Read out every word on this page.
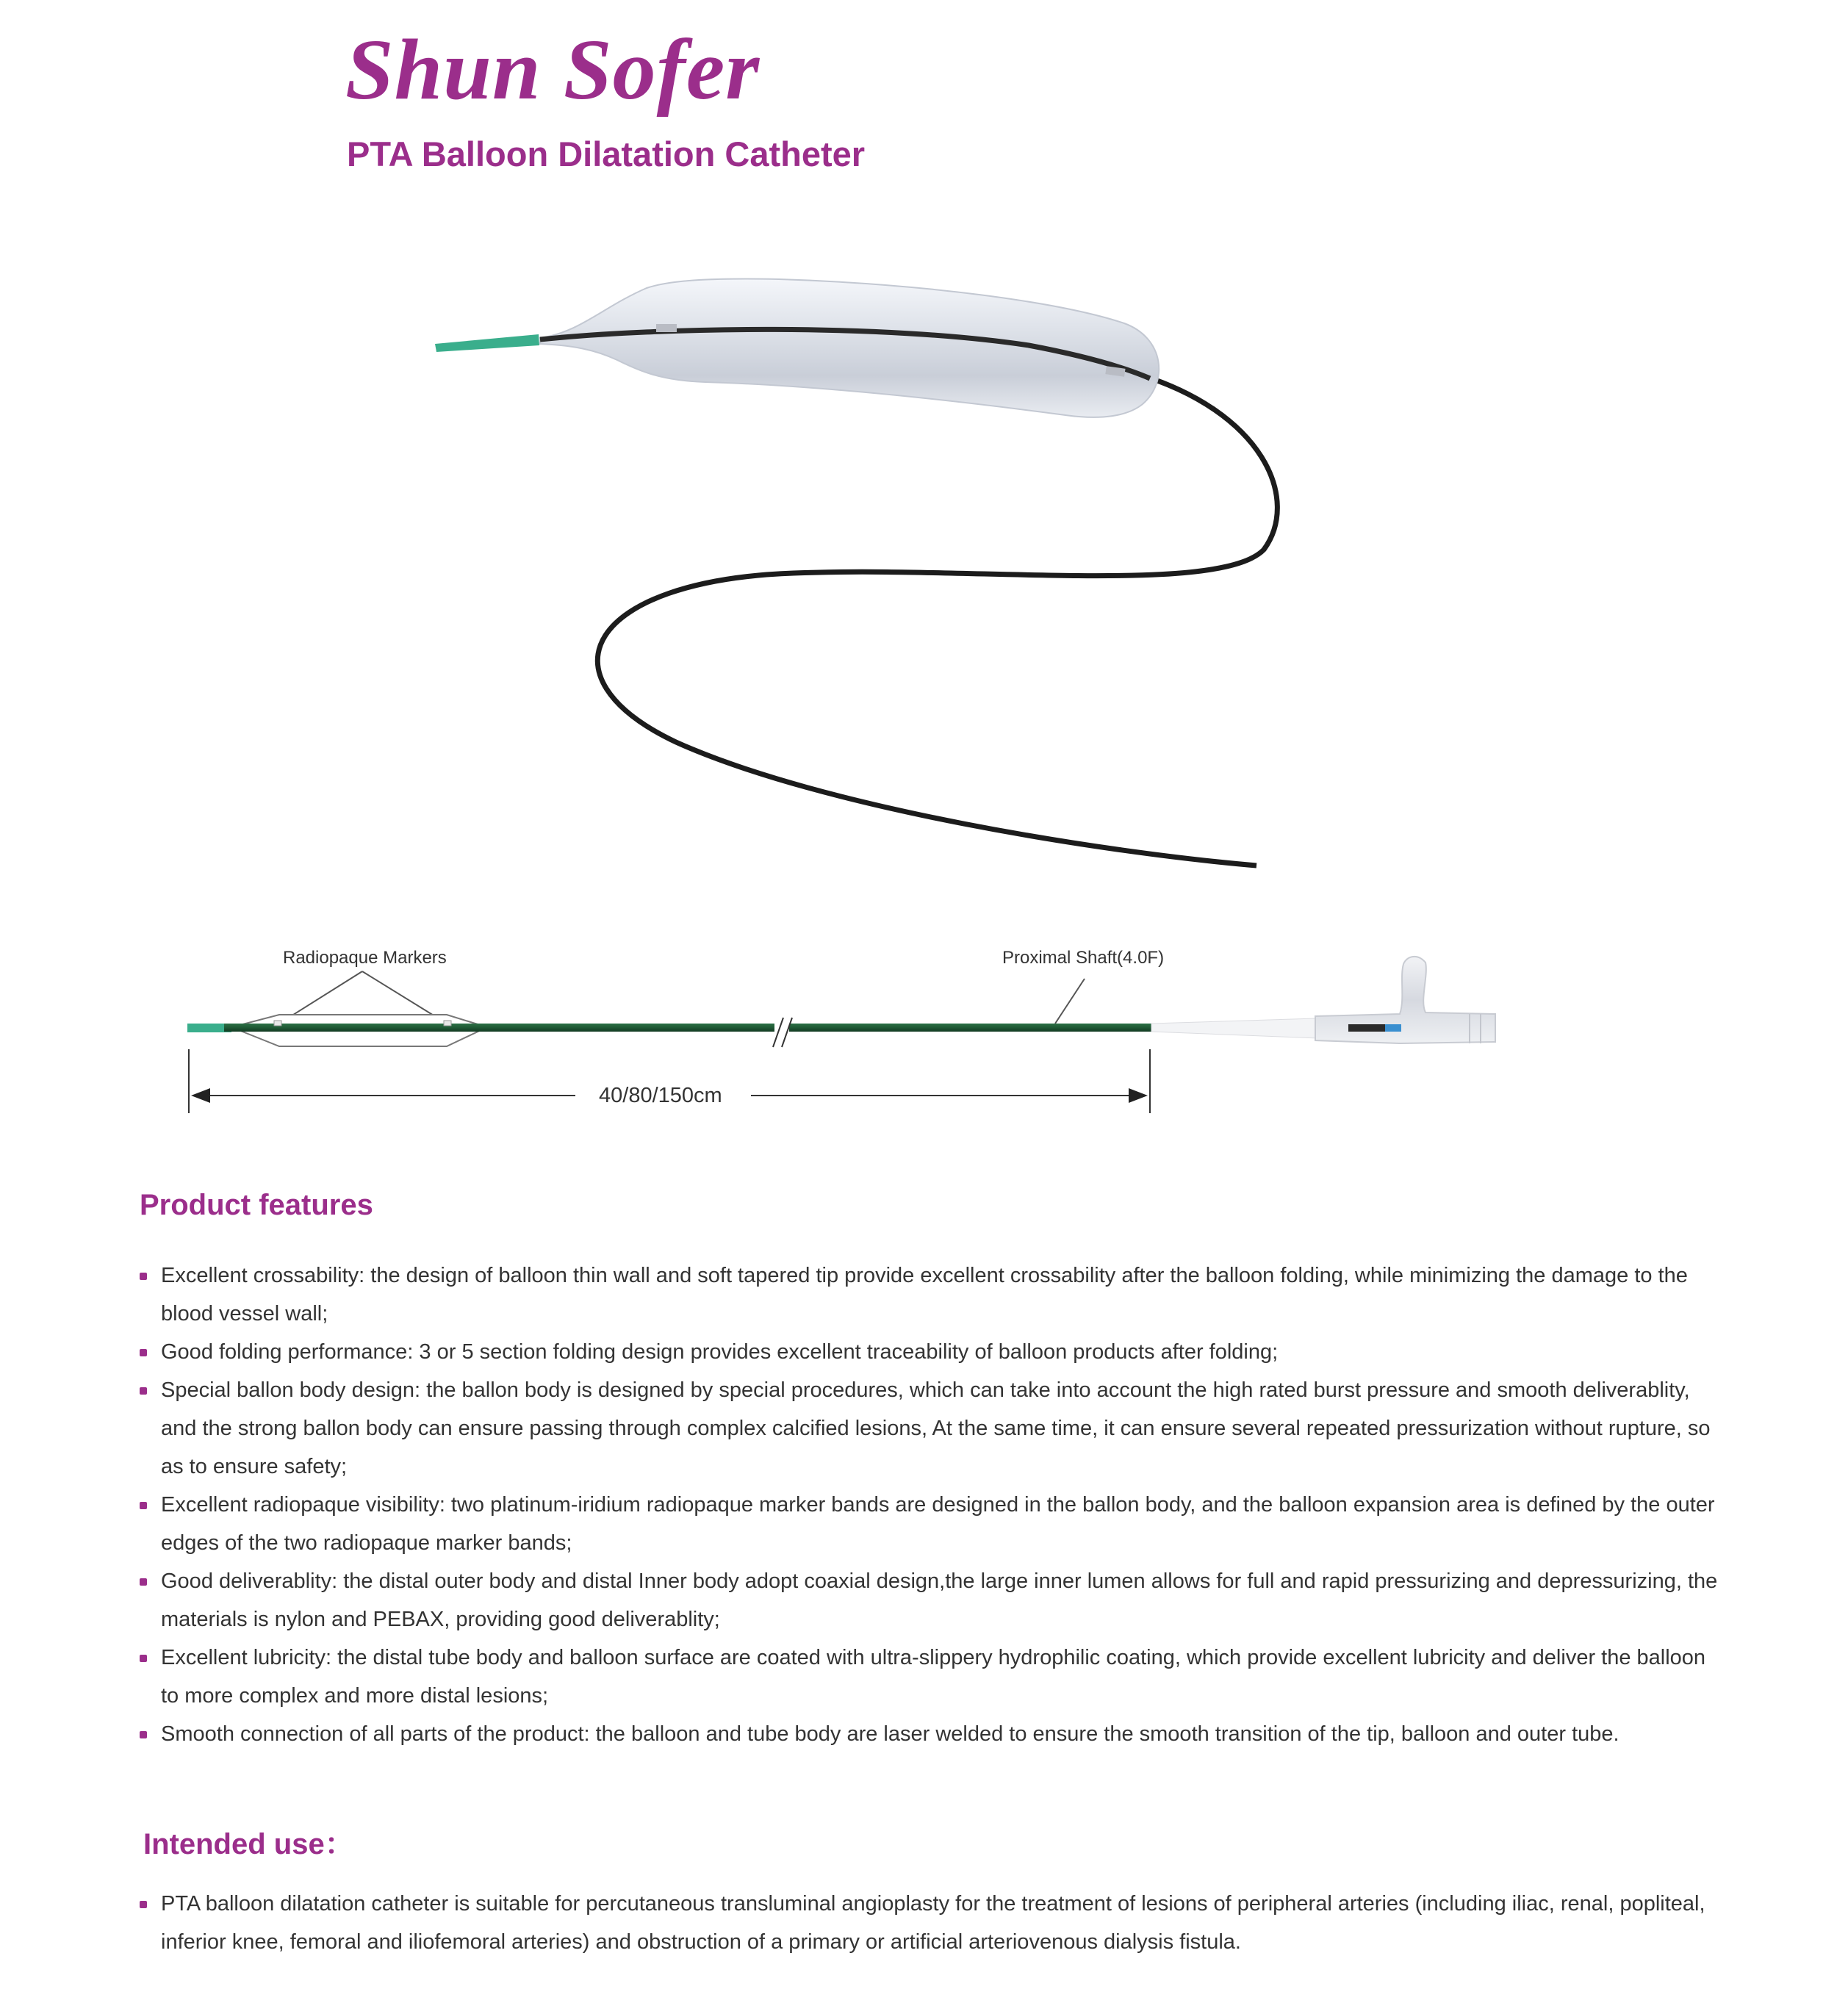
Shun Sofer
PTA Balloon Dilatation Catheter
Radiopaque Markers	Proximal Shaft(4.0F)
40/80/150cm
Product features
Excellent crossability: the design of balloon thin wall and soft tapered tip provide excellent crossability after the balloon folding, while minimizing the damage to the blood vessel wall;
Good folding performance: 3 or 5 section folding design provides excellent traceability of balloon products after folding;
Special ballon body design: the ballon body is designed by special procedures, which can take into account the high rated burst pressure and smooth deliverablity, and the strong ballon body can ensure passing through complex calcified lesions, At the same time, it can ensure several repeated pressurization without rupture, so as to ensure safety;
Excellent radiopaque visibility: two platinum-iridium radiopaque marker bands are designed in the ballon body, and the balloon expansion area is defined by the outer edges of the two radiopaque marker bands;
Good deliverablity: the distal outer body and distal Inner body adopt coaxial design,the large inner lumen allows for full and rapid pressurizing and depressurizing, the materials is nylon and PEBAX, providing good deliverablity;
Excellent lubricity: the distal tube body and balloon surface are coated with ultra-slippery hydrophilic coating, which provide excellent lubricity and deliver the balloon to more complex and more distal lesions;
Smooth connection of all parts of the product: the balloon and tube body are laser welded to ensure the smooth transition of the tip, balloon and outer tube.
Intended use：
PTA balloon dilatation catheter is suitable for percutaneous transluminal angioplasty for the treatment of lesions of peripheral arteries (including iliac, renal, popliteal, inferior knee, femoral and iliofemoral arteries) and obstruction of a primary or artificial arteriovenous dialysis fistula.
